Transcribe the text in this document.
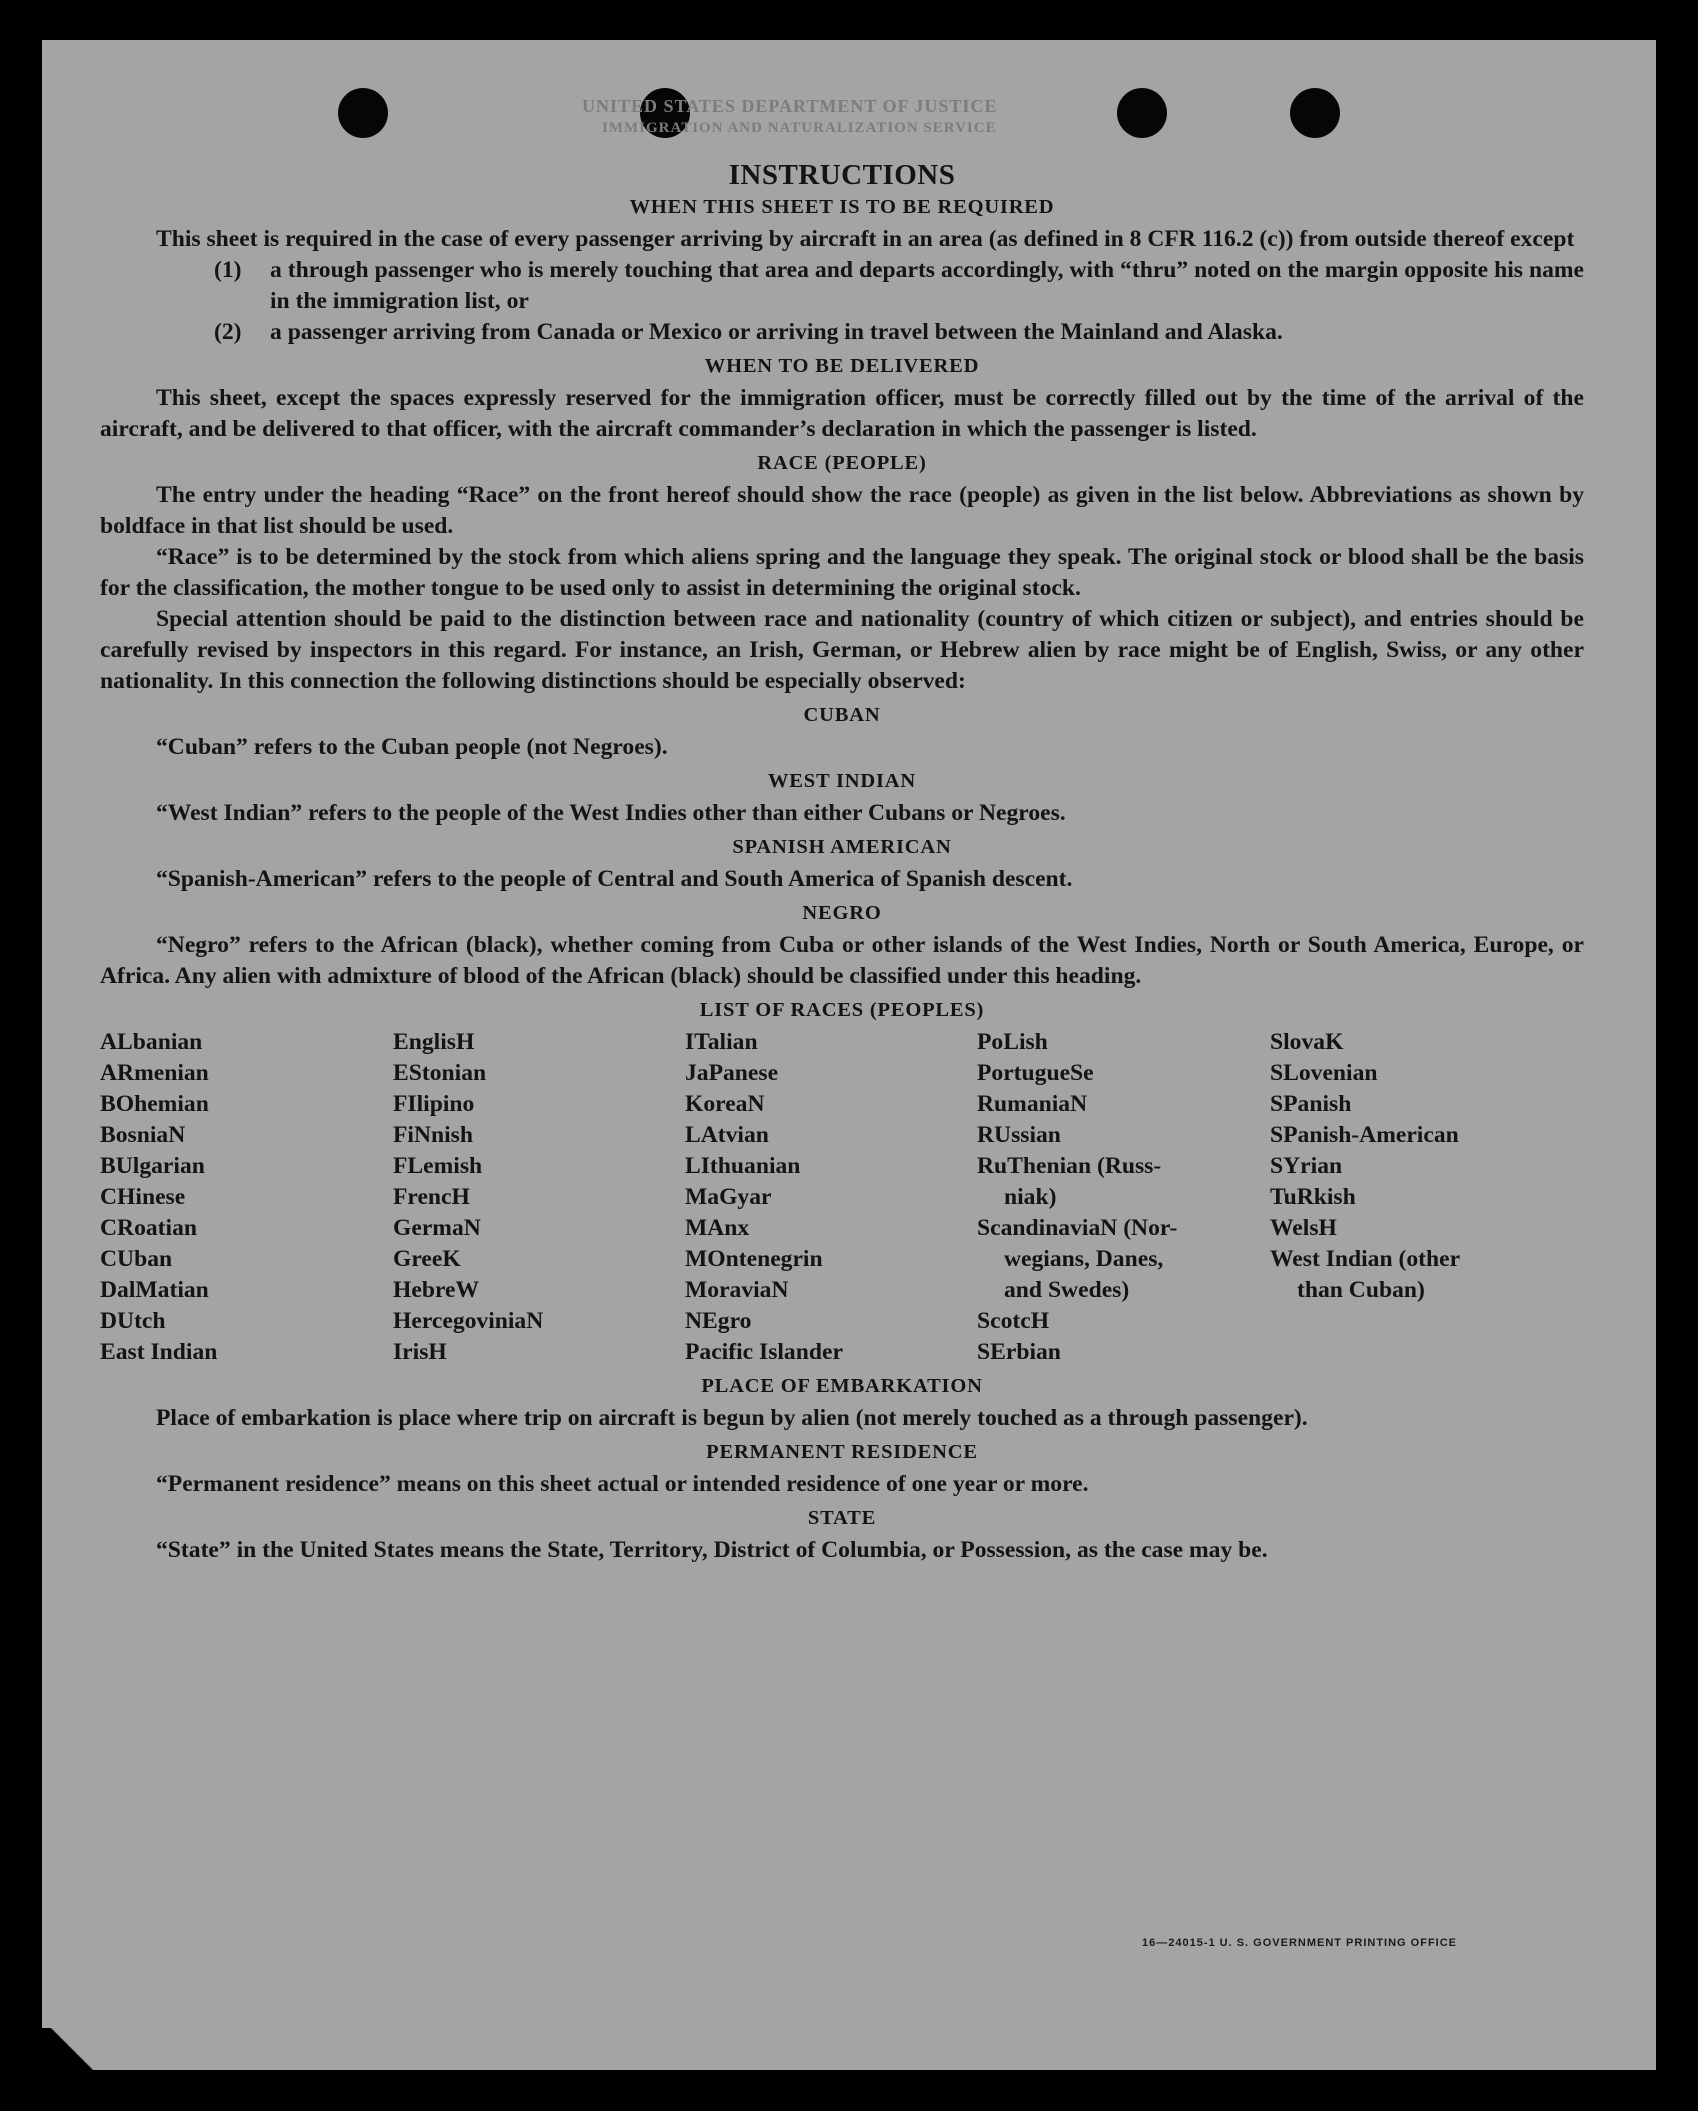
UNITED STATES DEPARTMENT OF JUSTICE
IMMIGRATION AND NATURALIZATION SERVICE
INSTRUCTIONS
WHEN THIS SHEET IS TO BE REQUIRED

This sheet is required in the case of every passenger arriving by aircraft in an area (as defined in 8 CFR 116.2 (c)) from outside thereof except

(1)	a through passenger who is merely touching that area and departs accordingly, with “thru” noted on the margin opposite his name in the immigration list, or
(2)	a passenger arriving from Canada or Mexico or arriving in travel between the Mainland and Alaska.
WHEN TO BE DELIVERED

This sheet, except the spaces expressly reserved for the immigration officer, must be correctly filled out by the time of the arrival of the aircraft, and be delivered to that officer, with the aircraft commander’s declaration in which the passenger is listed.

RACE (PEOPLE)

The entry under the heading “Race” on the front hereof should show the race (people) as given in the list below. Abbreviations as shown by boldface in that list should be used.

“Race” is to be determined by the stock from which aliens spring and the language they speak. The original stock or blood shall be the basis for the classification, the mother tongue to be used only to assist in determining the original stock.

Special attention should be paid to the distinction between race and nationality (country of which citizen or subject), and entries should be carefully revised by inspectors in this regard. For instance, an Irish, German, or Hebrew alien by race might be of English, Swiss, or any other nationality. In this connection the following distinctions should be especially observed:

CUBAN

“Cuban” refers to the Cuban people (not Negroes).

WEST INDIAN

“West Indian” refers to the people of the West Indies other than either Cubans or Negroes.

SPANISH AMERICAN

“Spanish-American” refers to the people of Central and South America of Spanish descent.

NEGRO

“Negro” refers to the African (black), whether coming from Cuba or other islands of the West Indies, North or South America, Europe, or Africa. Any alien with admixture of blood of the African (black) should be classified under this heading.

LIST OF RACES (PEOPLES)
ALbanian
ARmenian
BOhemian
BosniaN
BUlgarian
CHinese
CRoatian
CUban
DalMatian
DUtch
East Indian
EnglisH
EStonian
FIlipino
FiNnish
FLemish
FrencH
GermaN
GreeK
HebreW
HercegoviniaN
IrisH
ITalian
JaPanese
KoreaN
LAtvian
LIthuanian
MaGyar
MAnx
MOntenegrin
MoraviaN
NEgro
Pacific Islander
PoLish
PortugueSe
RumaniaN
RUssian
RuThenian (Russ-
niak)
ScandinaviaN (Nor-
wegians, Danes,
and Swedes)
ScotcH
SErbian
SlovaK
SLovenian
SPanish
SPanish-American
SYrian
TuRkish
WelsH
West Indian (other
than Cuban)
PLACE OF EMBARKATION

Place of embarkation is place where trip on aircraft is begun by alien (not merely touched as a through passenger).

PERMANENT RESIDENCE

“Permanent residence” means on this sheet actual or intended residence of one year or more.

STATE

“State” in the United States means the State, Territory, District of Columbia, or Possession, as the case may be.

16—24015-1 U. S. GOVERNMENT PRINTING OFFICE
